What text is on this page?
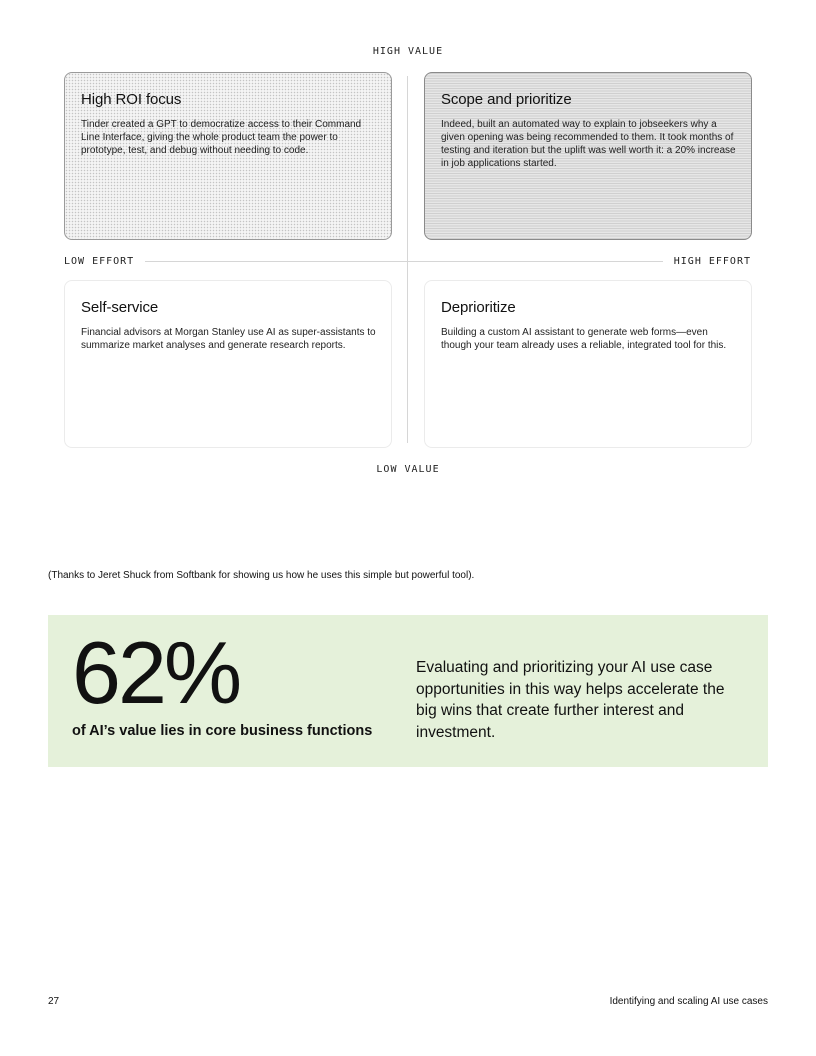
HIGH VALUE
LOW EFFORT	HIGH EFFORT
LOW VALUE
High ROI focus
Tinder created a GPT to democratize access to their Command Line Interface, giving the whole product team the power to prototype, test, and debug without needing to code.
Scope and prioritize
Indeed, built an automated way to explain to jobseekers why a given opening was being recommended to them. It took months of testing and iteration but the uplift was well worth it: a 20% increase in job applications started.
Self-service
Financial advisors at Morgan Stanley use AI as super-assistants to summarize market analyses and generate research reports.
Deprioritize
Building a custom AI assistant to generate web forms—even though your team already uses a reliable, integrated tool for this.
(Thanks to Jeret Shuck from Softbank for showing us how he uses this simple but powerful tool).
62%
of AI’s value lies in core business functions
Evaluating and prioritizing your AI use case opportunities in this way helps accelerate the big wins that create further interest and investment.
27	Identifying and scaling AI use cases
